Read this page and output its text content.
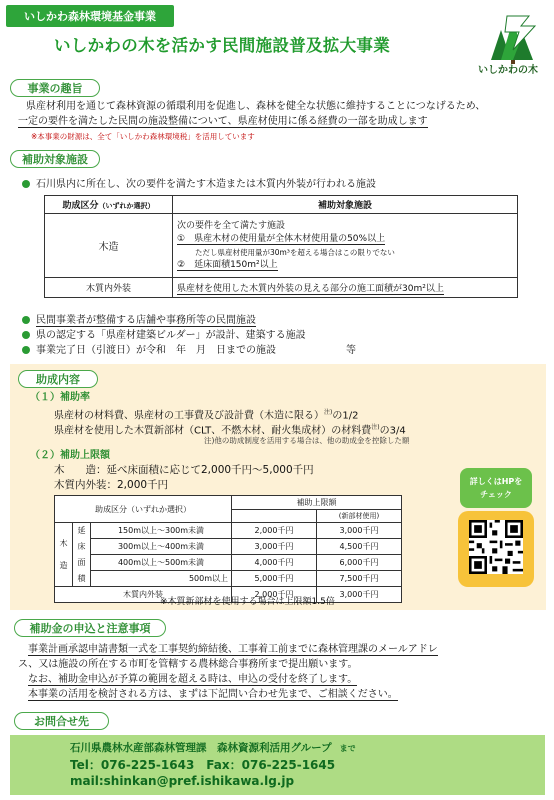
いしかわ森林環境基金事業
いしかわの木を活かす民間施設普及拡大事業
いしかわの木
事業の趣旨
県産材利用を通じて森林資源の循環利用を促進し、森林を健全な状態に維持することにつなげるため、
一定の要件を満たした民間の施設整備について、県産材使用に係る経費の一部を助成します
※本事業の財源は、全て「いしかわ森林環境税」を活用しています
補助対象施設
石川県内に所在し、次の要件を満たす木造または木質内外装が行われる施設
助成区分（いずれか選択）	補助対象施設
木造	次の要件を全て満たす施設
①　県産木材の使用量が全体木材使用量の50%以上
ただし県産材使用量が30m³を超える場合はこの限りでない
②　延床面積150m²以上

木質内外装	県産材を使用した木質内外装の見える部分の施工面積が30m²以上
民間事業者が整備する店舗や事務所等の民間施設
県の認定する「県産材建築ビルダー」が設計、建築する施設
事業完了日（引渡日）が令和　年　月　日までの施設　　　　　　　等
助成内容
（１）補助率
県産材の材料費、県産材の工事費及び設計費（木造に限る）$^{注)}$の1/2
県産材を使用した木質新部材（CLT、不燃木材、耐火集成材）の材料費$^{注)}$の3/4
注)他の助成制度を活用する場合は、他の助成金を控除した額
（２）補助上限額
木　　造：延べ床面積に応じて2,000千円～5,000千円
木質内外装：2,000千円
助成区分（いずれか選択）			補助上限額	
				(新部材使用)

木
造	延	150m以上～300m未満	2,000千円	3,000千円
	床	300m以上～400m未満	3,000千円	4,500千円
	面	400m以上～500m未満	4,000千円	6,000千円
	積	500m以上	5,000千円	7,500千円
木質内外装			2,000千円	3,000千円
※木質新部材を使用する場合は上限額1.5倍
詳しくはHPを
チェック
補助金の申込と注意事項
事業計画承認申請書類一式を工事契約締結後、工事着工前までに森林管理課のメールアドレ
ス、又は施設の所在する市町を管轄する農林総合事務所まで提出願います。
なお、補助金申込が予算の範囲を超える時は、申込の受付を終了します。
本事業の活用を検討される方は、まずは下記問い合わせ先まで、ご相談ください。
お問合せ先
石川県農林水産部森林管理課　森林資源利活用グループ まで
Tel：076-225-1643　Fax：076-225-1645
mail:shinkan@pref.ishikawa.lg.jp
